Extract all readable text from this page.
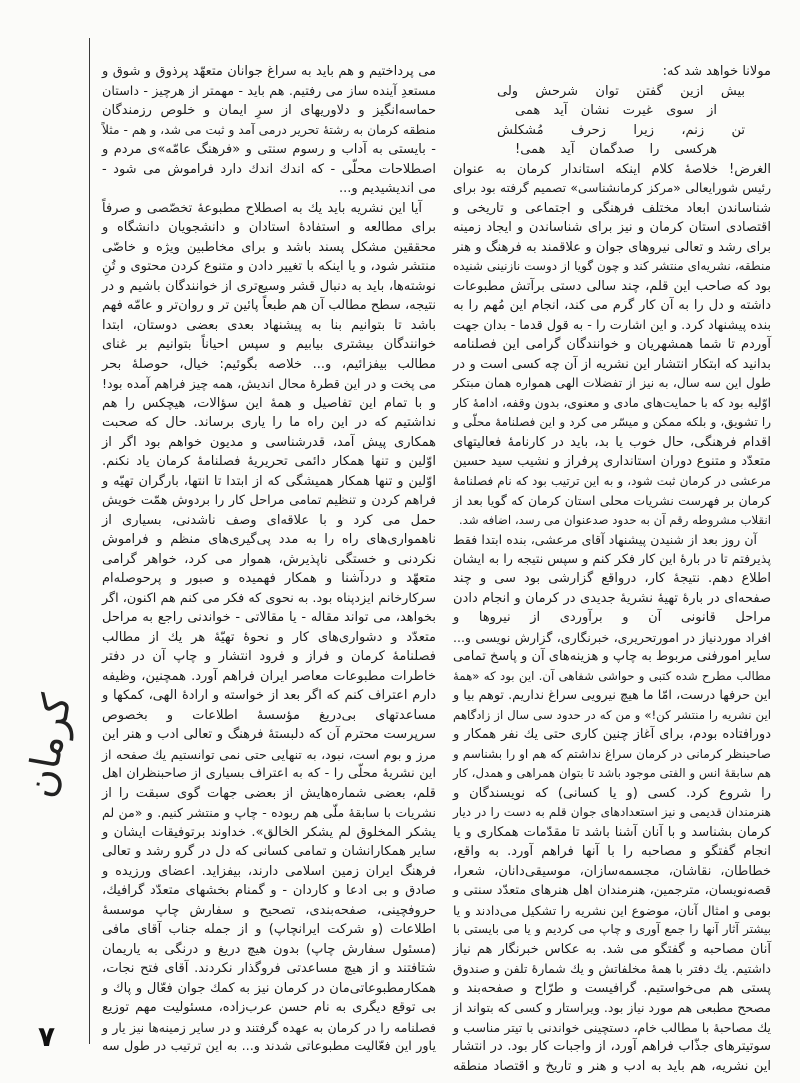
کرمان
۷
مولانا خواهد شد که:
بیش ازین گفتن توان شرحش ولی
از سوی غیرت نشان آید همی
تن زنم، زیرا زحرف مُشکلش
هرکسی را صدگمان آید همی!
الغرض! خلاصهٔ کلام اینکه استاندار کرمان به عنوان
رئیس شورایعالی «مرکز کرمانشناسی» تصمیم گرفته بود برای
شناساندن ابعاد مختلف فرهنگی و اجتماعی و تاریخی و
اقتصادی استان کرمان و نیز برای شناساندن و ایجاد زمینه
برای رشد و تعالی نیروهای جوان و علاقمند به فرهنگ و هنر
منطقه، نشریه‌ای منتشر کند و چون گویا از دوست نازنینی شنیده
بود که صاحب این قلم، چند سالی دستی برآتش مطبوعات
داشته و دل را به آن کار گرم می کند، انجام این مُهم را به
بنده پیشنهاد کرد. و این اشارت را - به قول قدما - بدان جهت
آوردم تا شما همشهریان و خوانندگان گرامی این فصلنامه
بدانید که ابتکار انتشار این نشریه از آن چه کسی است و در
طول این سه سال، به نیز از تفضلات الهی همواره همان مبتکر
اوّلیه بود که با حمایت‌های مادی و معنوی، بدون وقفه، ادامهٔ کار
را تشویق، و بلکه ممکن و میسّر می کرد و این فصلنامهٔ محلّی و
اقدام فرهنگی، حال خوب یا بد، باید در کارنامهٔ فعالیتهای
متعدّد و متنوع دوران استانداری پرفراز و نشیب سید حسین
مرعشی در کرمان ثبت شود، و به این ترتیب بود که نام فصلنامهٔ
کرمان بر فهرست نشریات محلی استان کرمان که گویا بعد از
انقلاب مشروطه رقم آن به حدود صدعنوان می رسد، اضافه شد.
آن روز بعد از شنیدن پیشنهاد آقای مرعشی، بنده ابتدا فقط
پذیرفتم تا در بارهٔ این کار فکر کنم و سپس نتیجه را به ایشان
اطلاع دهم. نتیجهٔ کار، درواقع گزارشی بود سی و چند
صفحه‌ای در بارهٔ تهیهٔ نشریهٔ جدیدی در کرمان و انجام دادن
مراحل قانونی آن و برآوردی از نیروها و
افراد موردنیاز در امورتحریری، خبرنگاری، گزارش نویسی و...
سایر امورفنی مربوط به چاپ و هزینه‌های آن و پاسخ تمامی
مطالب مطرح شده کتبی و حواشی شفاهی آن. این بود که «همهٔ
این حرفها درست، امّا ما هیچ نیرویی سراغ نداریم. توهم بیا و
این نشریه را منتشر کن!» و من که در حدود سی سال از زادگاهم
دورافتاده بودم، برای آغاز چنین کاری حتی یك نفر همکار و
صاحبنظر کرمانی در کرمان سراغ نداشتم که هم او را بشناسم و
هم سابقهٔ انس و الفتی موجود باشد تا بتوان همراهی و همدل، کار
را شروع کرد. کسی (و یا کسانی) که نویسندگان و
هنرمندان قدیمی و نیز استعدادهای جوان قلم به دست را در دیار
کرمان بشناسد و با آنان آشنا باشد تا مقدّمات همکاری و یا
انجام گفتگو و مصاحبه را با آنها فراهم آورد. به واقع،
خطاطان، نقاشان، مجسمه‌سازان، موسیقی‌دانان، شعرا،
قصه‌نویسان، مترجمین، هنرمندان اهل هنرهای متعدّد سنتی و
بومی و امثال آنان، موضوع این نشریه را تشکیل می‌دادند و یا
بیشتر آثار آنها را جمع آوری و چاپ می کردیم و یا می بایستی با
آنان مصاحبه و گفتگو می شد. به عکاس خبرنگار هم نیاز
داشتیم. یك دفتر با همهٔ مخلفاتش و یك شمارهٔ تلفن و صندوق
پستی هم می‌خواستیم. گرافیست و طرّاح و صفحه‌بند و
مصحح مطبعی هم مورد نیاز بود. ویراستار و کسی که بتواند از
یك مصاحبهٔ با مطالب خام، دستچینی خواندنی با تیتر مناسب و
سوتیترهای جذّاب فراهم آورد، از واجبات کار بود. در انتشار
این نشریه، هم باید به ادب و هنر و تاریخ و اقتصاد منطقه
می پرداختیم و هم باید به سراغ جوانان متعهّد پرذوق و شوق و
مستعدِ آینده ساز می رفتیم. هم باید - مهمتر از هرچیز - داستان
حماسه‌انگیز و دلاوریهای از سرِ ایمان و خلوص رزمندگان
منطقه کرمان به رشتهٔ تحریر درمی آمد و ثبت می شد، و هم - مثلاً
- بایستی به آداب و رسوم سنتی و «فرهنگ عامّه»ی مردم و
اصطلاحات محلّی - که اندك اندك دارد فراموش می شود -
می اندیشیدیم و...
آیا این نشریه باید یك به اصطلاح مطبوعهٔ تخصّصی و صرفاً
برای مطالعه و استفادهٔ استادان و دانشجویان دانشگاه و
محققین مشکل پسند باشد و برای مخاطبین ویژه و خاصّی
منتشر شود، و یا اینکه با تغییر دادن و متنوع کردن محتوی و تُنِ
نوشته‌ها، باید به دنبال قشر وسیع‌تری از خوانندگان باشیم و در
نتیجه، سطح مطالب آن هم طبعاً پائین تر و روان‌تر و عامّه فهم
باشد تا بتوانیم بنا به پیشنهاد بعدی بعضی دوستان، ابتدا
خوانندگان بیشتری بیابیم و سپس احیاناً بتوانیم بر غنای
مطالب بیفزائیم، و... خلاصه بگوئیم: خیال، حوصلهٔ بحر
می پخت و در این قطرهٔ محال اندیش، همه چیز فراهم آمده بود!
و با تمام این تفاصیل و همهٔ این سؤالات، هیچکس را هم
نداشتیم که در این راه ما را یاری برساند. حال که صحبت
همکاری پیش آمد، قدرشناسی و مدیون خواهم بود اگر از
اوّلین و تنها همکار دائمی تحریریهٔ فصلنامهٔ کرمان یاد نکنم.
اوّلین و تنها همکار همیشگی که از ابتدا تا انتها، بارگران تهیّه و
فراهم کردن و تنظیم تمامی مراحل کار را بردوش همّت خویش
حمل می کرد و با علاقه‌ای وصف ناشدنی، بسیاری از
ناهمواری‌های راه را به مدد پی‌گیری‌های منظم و فراموش
نکردنی و خستگی ناپذیرش، هموار می کرد، خواهر گرامی
متعهّد و دردآشنا و همکار فهمیده و صبور و پرحوصله‌ام
سرکارخانم ایزدپناه بود. به نحوی که فکر می کنم هم اکنون، اگر
بخواهد، می تواند مقاله - یا مقالاتی - خواندنی راجع به مراحل
متعدّد و دشواری‌های کار و نحوهٔ تهیّهٔ هر یك از مطالب
فصلنامهٔ کرمان و فراز و فرود انتشار و چاپ آن در دفتر
خاطرات مطبوعات معاصر ایران فراهم آورد. همچنین، وظیفه
دارم اعتراف کنم که اگر بعد از خواسته و ارادهٔ الهی، کمکها و
مساعدتهای بی‌دریغ مؤسسهٔ اطلاعات و بخصوص
سرپرست محترم آن که دلبستهٔ فرهنگ و تعالی ادب و هنر این
مرز و بوم است، نبود، به تنهایی حتی نمی توانستیم یك صفحه از
این نشریهٔ محلّی را - که به اعتراف بسیاری از صاحبنظران اهل
قلم، بعضی شماره‌هایش از بعضی جهات گوی سبقت را از
نشریات با سابقهٔ ملّی هم ربوده - چاپ و منتشر کنیم. و «من لم
یشکر المخلوق لم یشکر الخالق». خداوند برتوفیقات ایشان و
سایر همکارانشان و تمامی کسانی که دل در گرو رشد و تعالی
فرهنگ ایران زمین اسلامی دارند، بیفزاید. اعضای ورزیده و
صادق و بی ادعا و کاردان - و گمنام بخشهای متعدّد گرافیك،
حروفچینی، صفحه‌بندی، تصحیح و سفارش چاپ موسسهٔ
اطلاعات (و شرکت ایرانچاپ) و از جمله جناب آقای مافی
(مسئول سفارش چاپ) بدون هیچ دریغ و درنگی به یاریمان
شتافتند و از هیچ مساعدتی فروگذار نکردند. آقای فتح نجات،
همکارمطبوعاتی‌مان در کرمان نیز به کمك جوان فعّال و پاك و
بی توقع دیگری به نام حسن عرب‌زاده، مسئولیت مهم توزیع
فصلنامه را در کرمان به عهده گرفتند و در سایر زمینه‌ها نیز یار و
یاور این فعّالیت مطبوعاتی شدند و... به این ترتیب در طول سه
